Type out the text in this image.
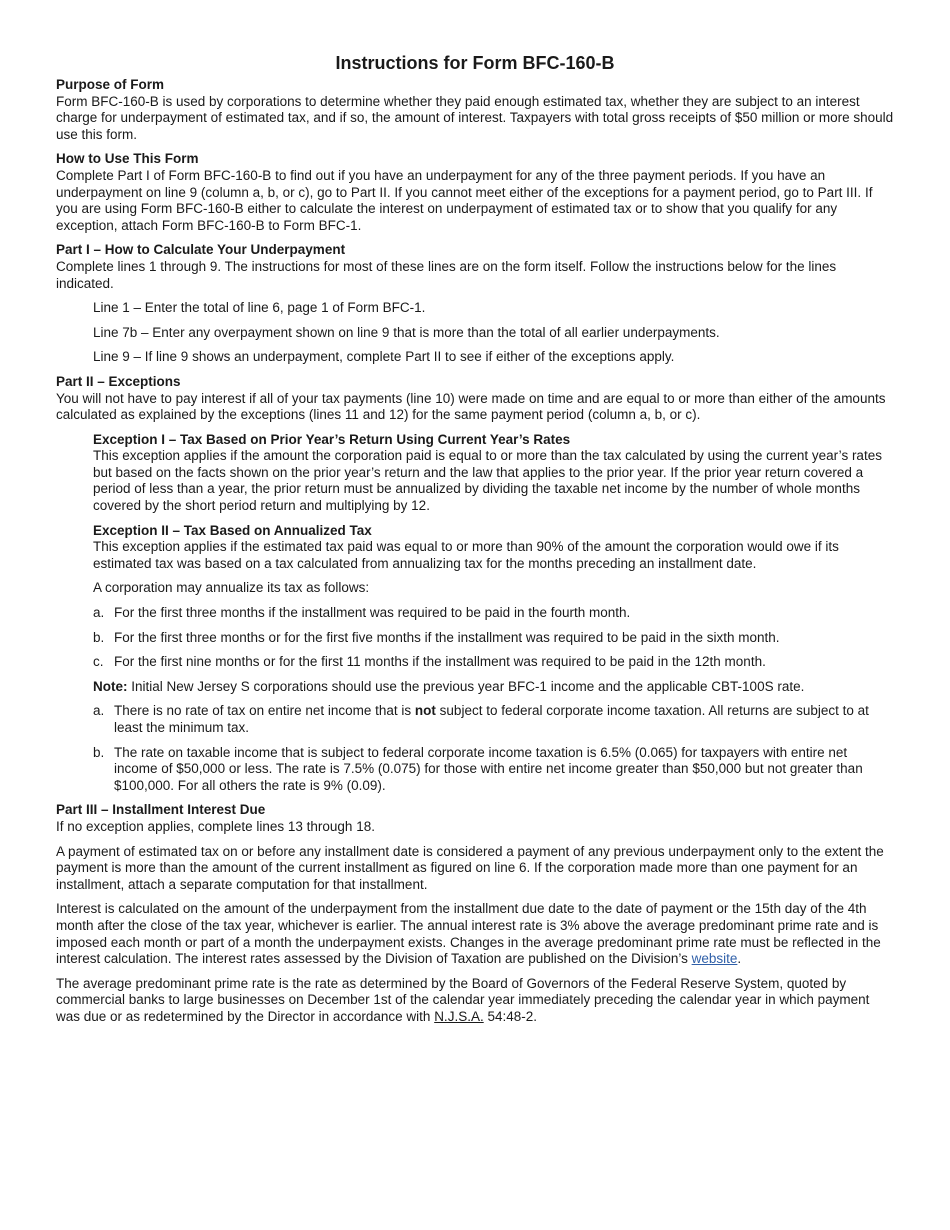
Instructions for Form BFC-160-B

Purpose of Form

Form BFC-160-B is used by corporations to determine whether they paid enough estimated tax, whether they are subject to an interest charge for underpayment of estimated tax, and if so, the amount of interest. Taxpayers with total gross receipts of $50 million or more should use this form.

How to Use This Form

Complete Part I of Form BFC-160-B to find out if you have an underpayment for any of the three payment periods. If you have an underpayment on line 9 (column a, b, or c), go to Part II. If you cannot meet either of the exceptions for a payment period, go to Part III. If you are using Form BFC-160-B either to calculate the interest on underpayment of estimated tax or to show that you qualify for any exception, attach Form BFC-160-B to Form BFC-1.

Part I – How to Calculate Your Underpayment

Complete lines 1 through 9. The instructions for most of these lines are on the form itself. Follow the instructions below for the lines indicated.

Line 1 – Enter the total of line 6, page 1 of Form BFC-1.

Line 7b – Enter any overpayment shown on line 9 that is more than the total of all earlier underpayments.

Line 9 – If line 9 shows an underpayment, complete Part II to see if either of the exceptions apply.

Part II – Exceptions

You will not have to pay interest if all of your tax payments (line 10) were made on time and are equal to or more than either of the amounts calculated as explained by the exceptions (lines 11 and 12) for the same payment period (column a, b, or c).

Exception I – Tax Based on Prior Year’s Return Using Current Year’s Rates

This exception applies if the amount the corporation paid is equal to or more than the tax calculated by using the current year’s rates but based on the facts shown on the prior year’s return and the law that applies to the prior year. If the prior year return covered a period of less than a year, the prior return must be annualized by dividing the taxable net income by the number of whole months covered by the short period return and multiplying by 12.

Exception II – Tax Based on Annualized Tax

This exception applies if the estimated tax paid was equal to or more than 90% of the amount the corporation would owe if its estimated tax was based on a tax calculated from annualizing tax for the months preceding an installment date.

A corporation may annualize its tax as follows:

a. For the first three months if the installment was required to be paid in the fourth month.
b. For the first three months or for the first five months if the installment was required to be paid in the sixth month.
c. For the first nine months or for the first 11 months if the installment was required to be paid in the 12th month.

Note: Initial New Jersey S corporations should use the previous year BFC-1 income and the applicable CBT-100S rate.

a. There is no rate of tax on entire net income that is not subject to federal corporate income taxation. All returns are subject to at least the minimum tax.
b. The rate on taxable income that is subject to federal corporate income taxation is 6.5% (0.065) for taxpayers with entire net income of $50,000 or less. The rate is 7.5% (0.075) for those with entire net income greater than $50,000 but not greater than $100,000. For all others the rate is 9% (0.09).

Part III – Installment Interest Due

If no exception applies, complete lines 13 through 18.

A payment of estimated tax on or before any installment date is considered a payment of any previous underpayment only to the extent the payment is more than the amount of the current installment as figured on line 6. If the corporation made more than one payment for an installment, attach a separate computation for that installment.

Interest is calculated on the amount of the underpayment from the installment due date to the date of payment or the 15th day of the 4th month after the close of the tax year, whichever is earlier. The annual interest rate is 3% above the average predominant prime rate and is imposed each month or part of a month the underpayment exists. Changes in the average predominant prime rate must be reflected in the interest calculation. The interest rates assessed by the Division of Taxation are published on the Division’s website.

The average predominant prime rate is the rate as determined by the Board of Governors of the Federal Reserve System, quoted by commercial banks to large businesses on December 1st of the calendar year immediately preceding the calendar year in which payment was due or as redetermined by the Director in accordance with N.J.S.A. 54:48-2.
